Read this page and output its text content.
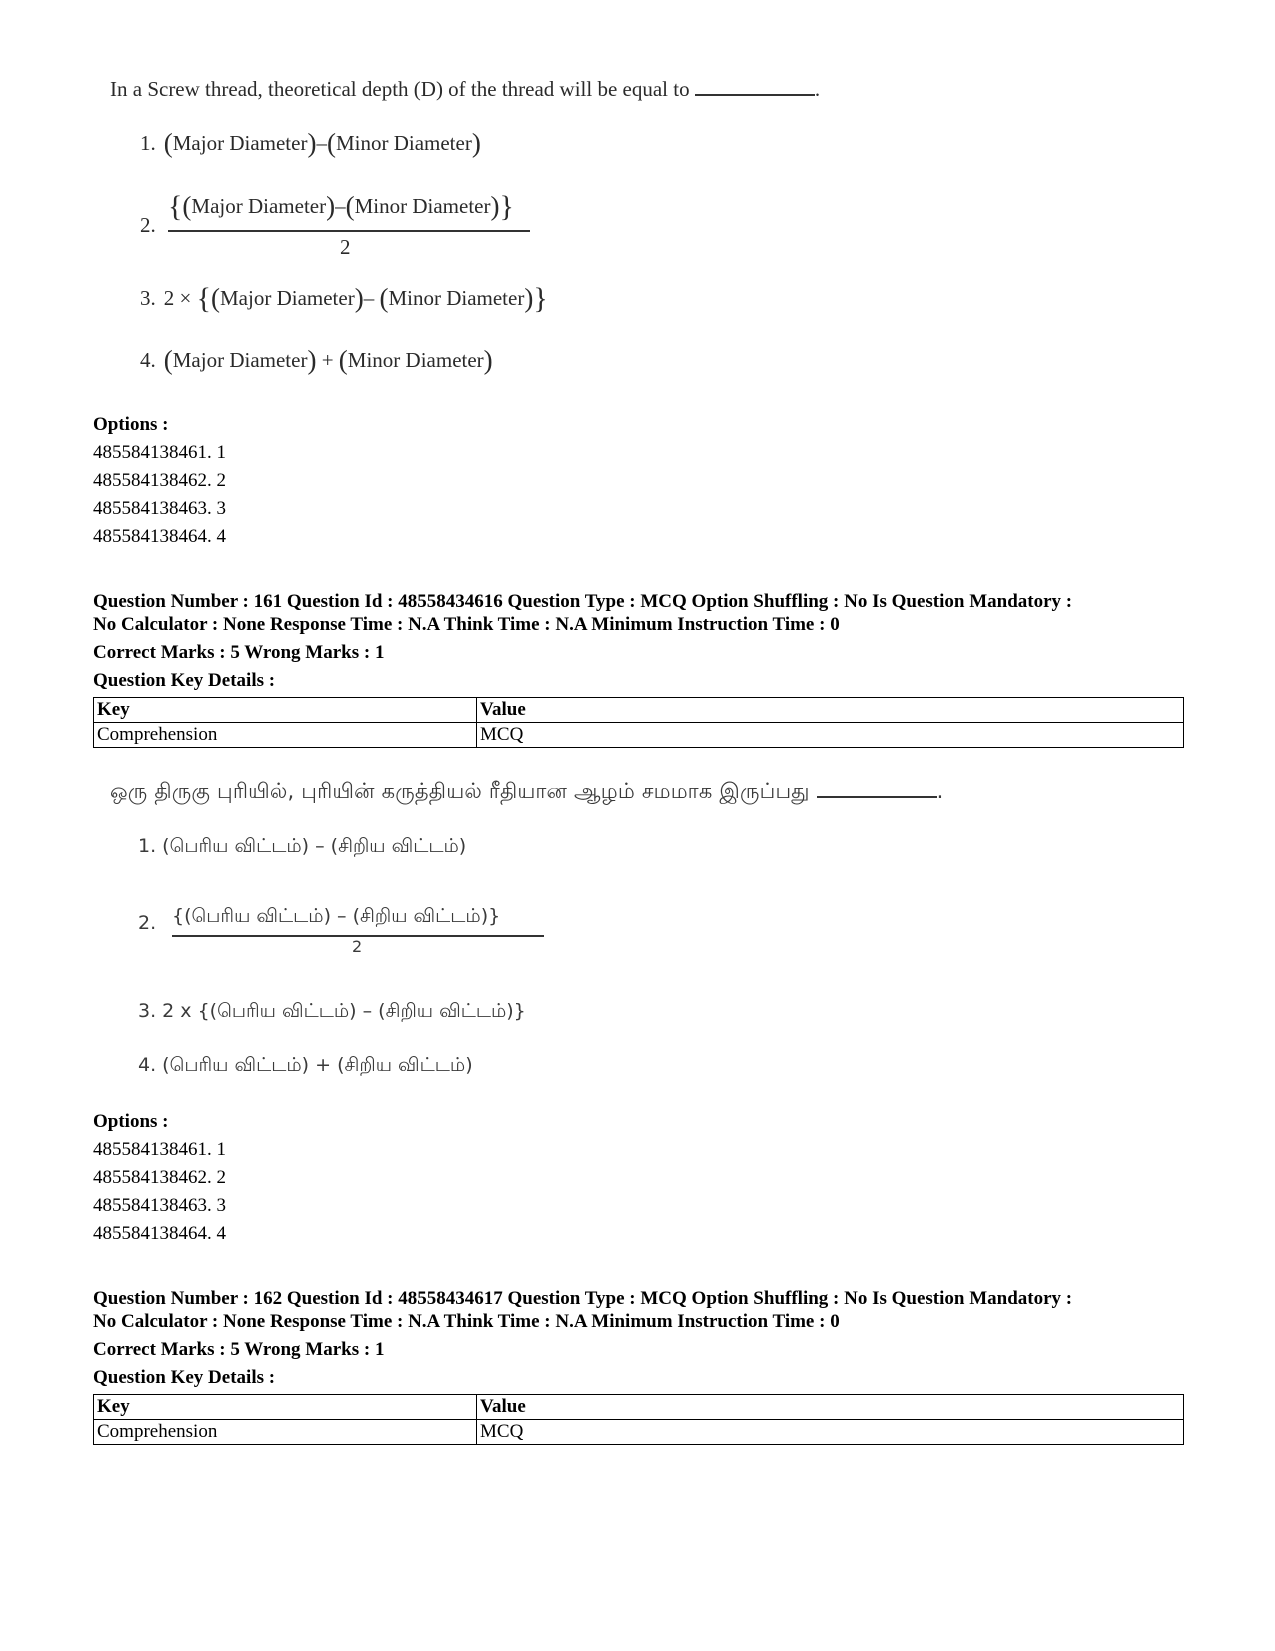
In a Screw thread, theoretical depth (D) of the thread will be equal to	.
1. (Major Diameter)–(Minor Diameter)
2.
{(Major Diameter)–(Minor Diameter)}
2
3. 2 × {(Major Diameter)– (Minor Diameter)}
4. (Major Diameter) + (Minor Diameter)
Options :
485584138461. 1
485584138462. 2
485584138463. 3
485584138464. 4
Question Number : 161 Question Id : 48558434616 Question Type : MCQ Option Shuffling : No Is Question Mandatory :
No Calculator : None Response Time : N.A Think Time : N.A Minimum Instruction Time : 0
Correct Marks : 5 Wrong Marks : 1
Question Key Details :
Key	Value
Comprehension	MCQ
ஒரு திருகு புரியில், புரியின் கருத்தியல் ரீதியான ஆழம் சமமாக இருப்பது	.
1. (பெரிய விட்டம்) – (சிறிய விட்டம்)
2. {(பெரிய விட்டம்) – (சிறிய விட்டம்)}
2
3. 2 x {(பெரிய விட்டம்) – (சிறிய விட்டம்)}
4. (பெரிய விட்டம்) + (சிறிய விட்டம்)
Options :
485584138461. 1
485584138462. 2
485584138463. 3
485584138464. 4
Question Number : 162 Question Id : 48558434617 Question Type : MCQ Option Shuffling : No Is Question Mandatory :
No Calculator : None Response Time : N.A Think Time : N.A Minimum Instruction Time : 0
Correct Marks : 5 Wrong Marks : 1
Question Key Details :
Key	Value
Comprehension	MCQ
